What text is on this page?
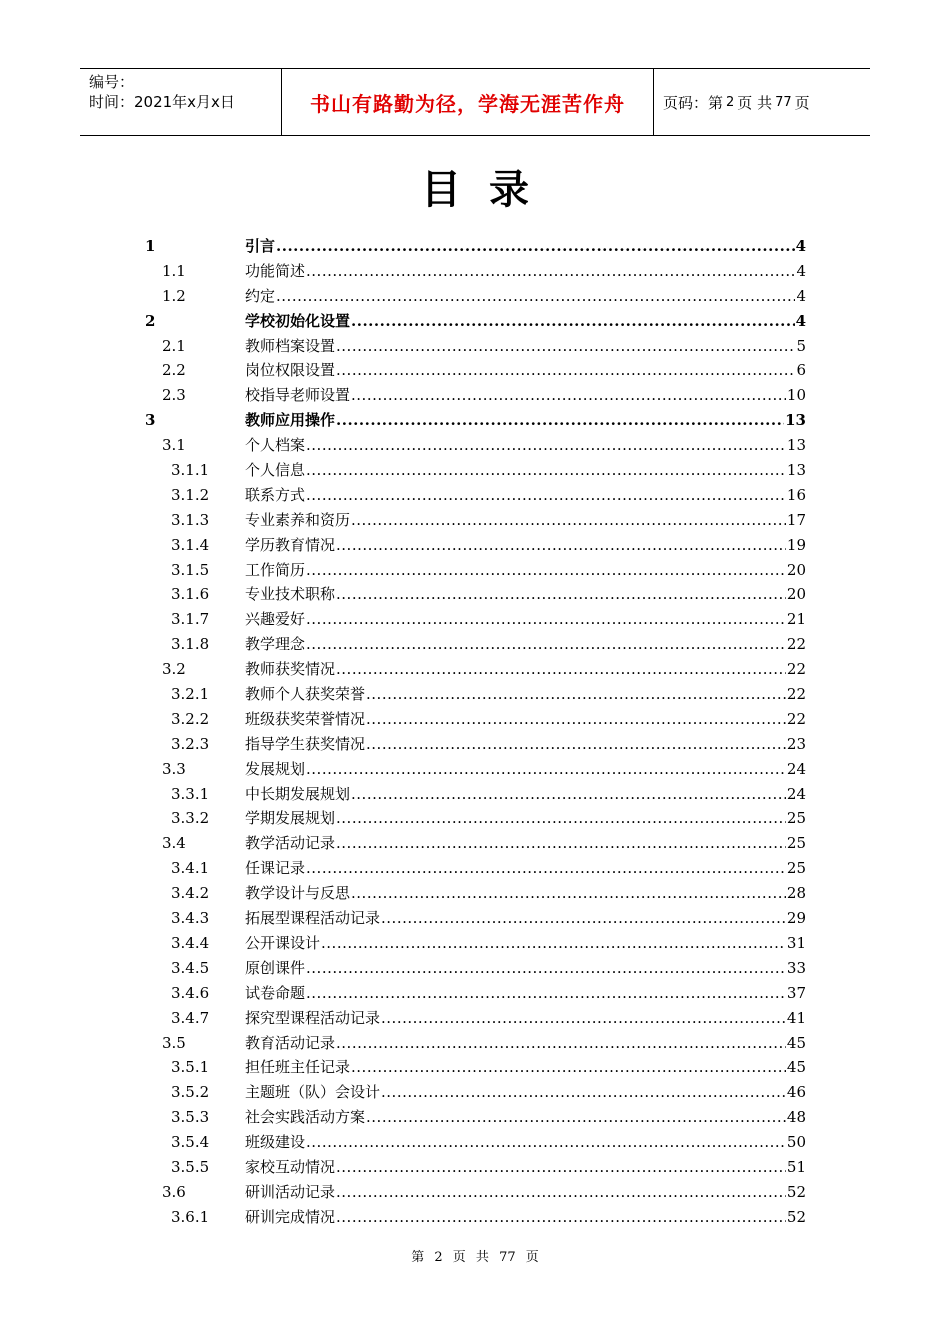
编号：
时间：2021年x月x日	书山有路勤为径，学海无涯苦作舟	页码：第 2 页 共 77 页
目录
1	引言 .....	4
1.1	功能简述 .....	4
1.2	约定 .....	4
2	学校初始化设置 .....	4
2.1	教师档案设置 .....	5
2.2	岗位权限设置 .....	6
2.3	校指导老师设置 .....	10
3	教师应用操作 .....	13
3.1	个人档案 .....	13
3.1.1 个人信息 .....	13
3.1.2 联系方式 .....	16
3.1.3 专业素养和资历 .....	17
3.1.4 学历教育情况 .....	19
3.1.5 工作简历 .....	20
3.1.6 专业技术职称 .....	20
3.1.7 兴趣爱好 .....	21
3.1.8 教学理念 .....	22
3.2	教师获奖情况 .....	22
3.2.1 教师个人获奖荣誉 .....	22
3.2.2 班级获奖荣誉情况 .....	22
3.2.3 指导学生获奖情况 .....	23
3.3	发展规划 .....	24
3.3.1 中长期发展规划 .....	24
3.3.2 学期发展规划 .....	25
3.4	教学活动记录 .....	25
3.4.1 任课记录 .....	25
3.4.2 教学设计与反思 .....	28
3.4.3 拓展型课程活动记录 .....	29
3.4.4 公开课设计 .....	31
3.4.5 原创课件 .....	33
3.4.6 试卷命题 .....	37
3.4.7 探究型课程活动记录 .....	41
3.5	教育活动记录 .....	45
3.5.1 担任班主任记录 .....	45
3.5.2 主题班（队）会设计 .....	46
3.5.3 社会实践活动方案 .....	48
3.5.4 班级建设 .....	50
3.5.5 家校互动情况 .....	51
3.6	研训活动记录 .....	52
3.6.1 研训完成情况 .....	52
第 2 页 共 77 页
